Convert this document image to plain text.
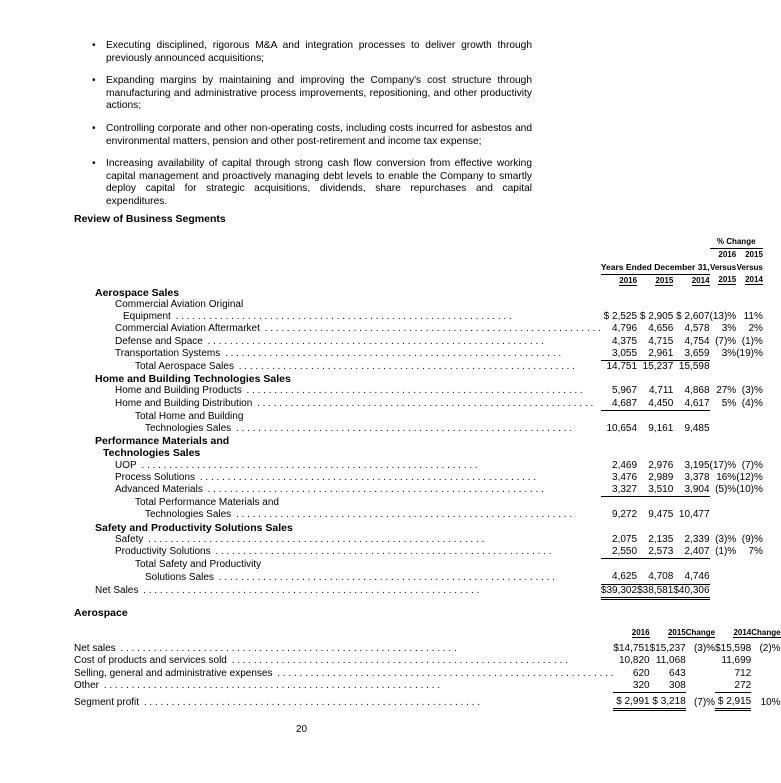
• Executing disciplined, rigorous M&A and integration processes to deliver growth through previously announced acquisitions;
• Expanding margins by maintaining and improving the Company's cost structure through manufacturing and administrative process improvements, repositioning, and other productivity actions;
• Controlling corporate and other non-operating costs, including costs incurred for asbestos and environmental matters, pension and other post-retirement and income tax expense;
• Increasing availability of capital through strong cash flow conversion from effective working capital management and proactively managing debt levels to enable the Company to smartly deploy capital for strategic acquisitions, dividends, share repurchases and capital expenditures.
Review of Business Segments
				% Change	
				2016	2015
	Years Ended December 31,			Versus	Versus
	2016	2015	2014	2015	2014
Aerospace Sales					
Commercial Aviation Original					
Equipment . . .	$ 2,525	$ 2,905	$ 2,607	(13)%	11%
Commercial Aviation Aftermarket . . .	4,796	4,656	4,578	3%	2%
Defense and Space . . .	4,375	4,715	4,754	(7)%	(1)%
Transportation Systems . . .	3,055	2,961	3,659	3%	(19)%
Total Aerospace Sales . . .	14,751	15,237	15,598		
Home and Building Technologies Sales					
Home and Building Products . . .	5,967	4,711	4,868	27%	(3)%
Home and Building Distribution . . .	4,687	4,450	4,617	5%	(4)%
Total Home and Building					
Technologies Sales . . .	10,654	9,161	9,485		
Performance Materials and					
Technologies Sales					
UOP . . .	2,469	2,976	3,195	(17)%	(7)%
Process Solutions . . .	3,476	2,989	3,378	16%	(12)%
Advanced Materials . . .	3,327	3,510	3,904	(5)%	(10)%
Total Performance Materials and					
Technologies Sales . . .	9,272	9,475	10,477		
Safety and Productivity Solutions Sales					
Safety . . .	2,075	2,135	2,339	(3)%	(9)%
Productivity Solutions . . .	2,550	2,573	2,407	(1)%	7%
Total Safety and Productivity					
Solutions Sales . . .	4,625	4,708	4,746		
Net Sales . . .	$39,302	$38,581	$40,306		
Aerospace
	2016	2015	Change	2014	Change

Net sales . . .	$14,751	$15,237	(3)%	$15,598	(2)%
Cost of products and services sold . . .	10,820	11,068		11,699	
Selling, general and administrative expenses . . .	620	643		712	
Other . . .	320	308		272	

Segment profit . . .	$ 2,991	$ 3,218	(7)%	$ 2,915	10%
20
